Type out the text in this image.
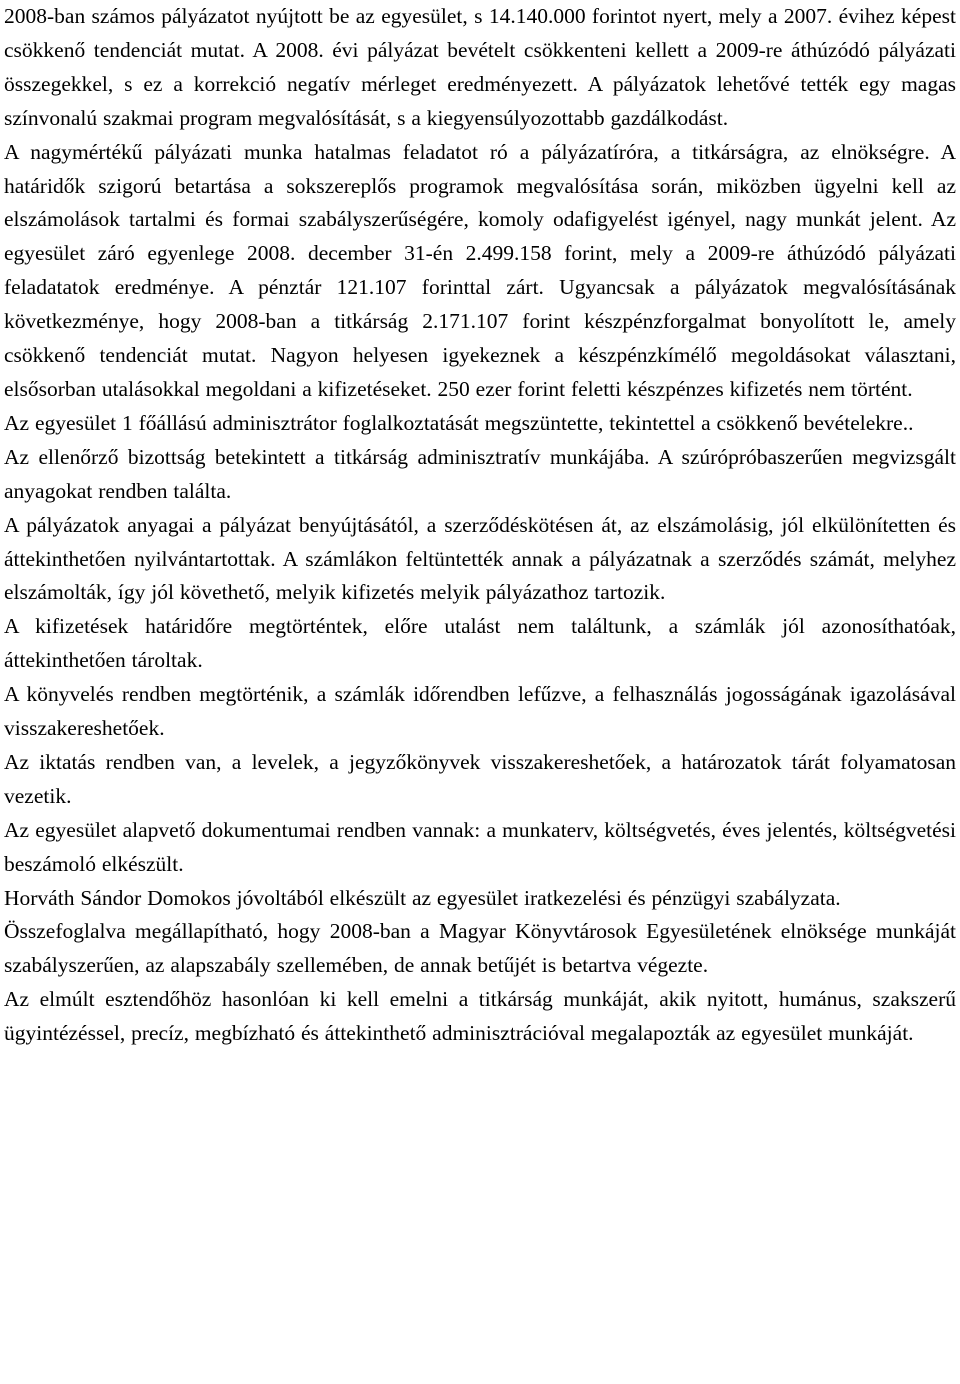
2008-ban számos pályázatot nyújtott be az egyesület, s 14.140.000 forintot nyert, mely a 2007. évihez képest csökkenő tendenciát mutat. A 2008. évi pályázat bevételt csökkenteni kellett a 2009-re áthúzódó pályázati összegekkel, s ez a korrekció negatív mérleget eredményezett. A pályázatok lehetővé tették egy magas színvonalú szakmai program megvalósítását, s a kiegyensúlyozottabb gazdálkodást.

A nagymértékű pályázati munka hatalmas feladatot ró a pályázatíróra, a titkárságra, az elnökségre. A határidők szigorú betartása a sokszereplős programok megvalósítása során, miközben ügyelni kell az elszámolások tartalmi és formai szabályszerűségére, komoly odafigyelést igényel, nagy munkát jelent. Az egyesület záró egyenlege 2008. december 31-én 2.499.158 forint, mely a 2009-re áthúzódó pályázati feladatatok eredménye. A pénztár 121.107 forinttal zárt. Ugyancsak a pályázatok megvalósításának következménye, hogy 2008-ban a titkárság 2.171.107 forint készpénzforgalmat bonyolított le, amely csökkenő tendenciát mutat. Nagyon helyesen igyekeznek a készpénzkímélő megoldásokat választani, elsősorban utalásokkal megoldani a kifizetéseket. 250 ezer forint feletti készpénzes kifizetés nem történt.

Az egyesület 1 főállású adminisztrátor foglalkoztatását megszüntette, tekintettel a csökkenő bevételekre..

Az ellenőrző bizottság betekintett a titkárság adminisztratív munkájába. A szúrópróbaszerűen megvizsgált anyagokat rendben találta.

A pályázatok anyagai a pályázat benyújtásától, a szerződéskötésen át, az elszámolásig, jól elkülönítetten és áttekinthetően nyilvántartottak. A számlákon feltüntették annak a pályázatnak a szerződés számát, melyhez elszámolták, így jól követhető, melyik kifizetés melyik pályázathoz tartozik.

A kifizetések határidőre megtörténtek, előre utalást nem találtunk, a számlák jól azonosíthatóak, áttekinthetően tároltak.

A könyvelés rendben megtörténik, a számlák időrendben lefűzve, a felhasználás jogosságának igazolásával visszakereshetőek.

Az iktatás rendben van, a levelek, a jegyzőkönyvek visszakereshetőek, a határozatok tárát folyamatosan vezetik.

Az egyesület alapvető dokumentumai rendben vannak: a munkaterv, költségvetés, éves jelentés, költségvetési beszámoló elkészült.

Horváth Sándor Domokos jóvoltából elkészült az egyesület iratkezelési és pénzügyi szabályzata.

Összefoglalva megállapítható, hogy 2008-ban a Magyar Könyvtárosok Egyesületének elnöksége munkáját szabályszerűen, az alapszabály szellemében, de annak betűjét is betartva végezte.

Az elmúlt esztendőhöz hasonlóan ki kell emelni a titkárság munkáját, akik nyitott, humánus, szakszerű ügyintézéssel, precíz, megbízható és áttekinthető adminisztrációval megalapozták az egyesület munkáját.
